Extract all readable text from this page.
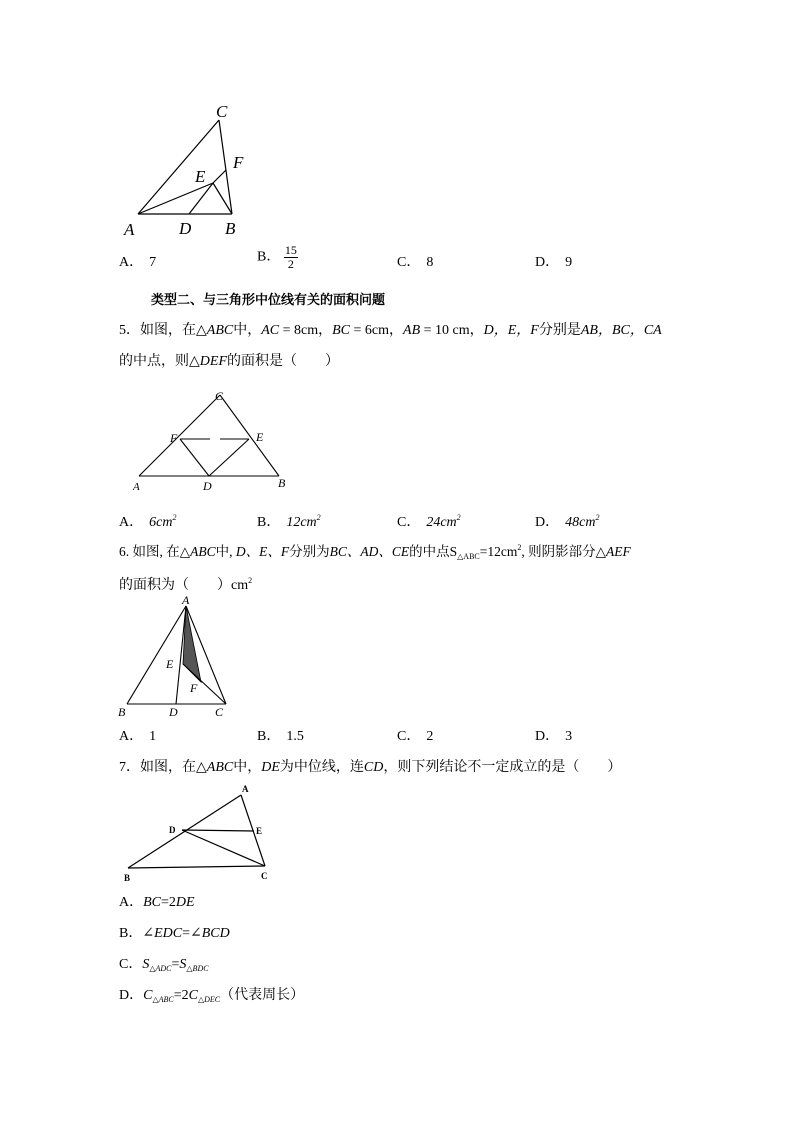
A	D B
C
F
E
A． 7	B． $\frac{15}{2}$	C． 8	D． 9
类型二、与三角形中位线有关的面积问题
5．如图，在△ABC中，AC = 8cm，BC = 6cm，AB = 10 cm，D，E，F分别是AB，BC，CA
的中点，则△DEF的面积是（　　）
C
F	E
A	D	B
A． $6cm^2$	B． $12cm^2$	C． $24cm^2$	D． $48cm^2$
6. 如图, 在△ABC中, D、E、F分别为BC、AD、CE的中点$S_{\triangle ABC}=12cm^2$, 则阴影部分△AEF
的面积为（　　）$cm^2$
A
E
F
B	D	C
A． 1	B． 1.5	C． 2	D． 3
7．如图，在△ABC中，DE为中位线，连CD，则下列结论不一定成立的是（　　）
A
D	E
B	C
A．BC=2DE
B．∠EDC=∠BCD
C．$S_{\triangle ADC}=S_{\triangle BDC}$
D．$C_{\triangle ABC}=2C_{\triangle DEC}$（代表周长）
